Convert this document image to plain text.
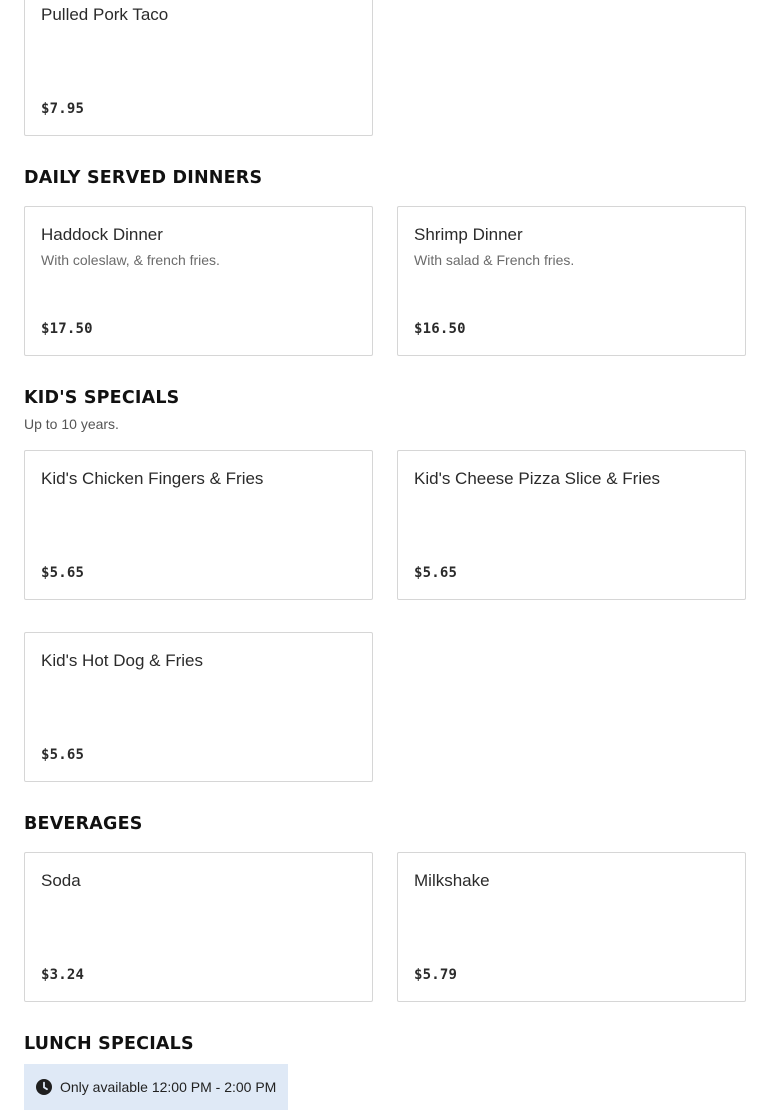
Pulled Pork Taco
$7.95
DAILY SERVED DINNERS
Haddock Dinner
With coleslaw, & french fries.
$17.50
Shrimp Dinner
With salad & French fries.
$16.50
KID'S SPECIALS
Up to 10 years.
Kid's Chicken Fingers & Fries
$5.65
Kid's Cheese Pizza Slice & Fries
$5.65
Kid's Hot Dog & Fries
$5.65
BEVERAGES
Soda
$3.24
Milkshake
$5.79
LUNCH SPECIALS
Only available 12:00 PM - 2:00 PM
